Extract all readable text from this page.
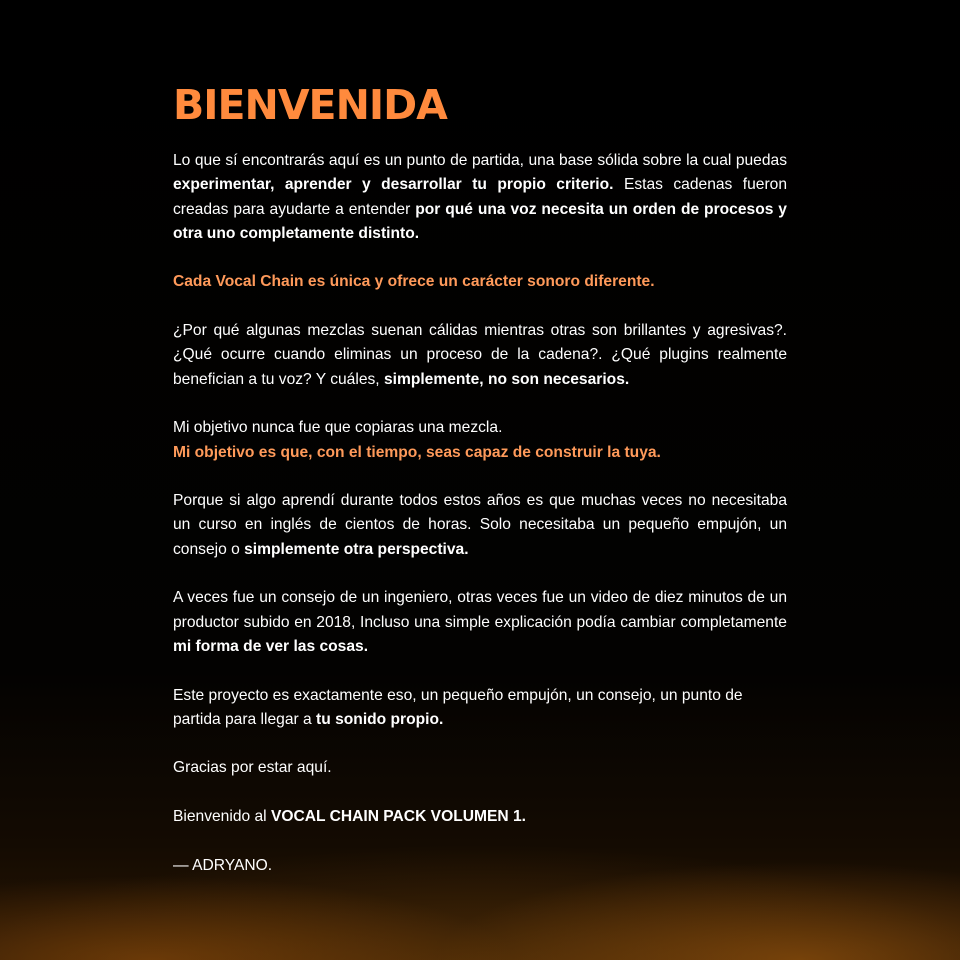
BIENVENIDA

Lo que sí encontrarás aquí es un punto de partida, una base sólida sobre la cual puedas experimentar, aprender y desarrollar tu propio criterio. Estas cadenas fueron creadas para ayudarte a entender por qué una voz necesita un orden de procesos y otra uno completamente distinto.

Cada Vocal Chain es única y ofrece un carácter sonoro diferente.

¿Por qué algunas mezclas suenan cálidas mientras otras son brillantes y agresivas?. ¿Qué ocurre cuando eliminas un proceso de la cadena?. ¿Qué plugins realmente benefician a tu voz? Y cuáles, simplemente, no son necesarios.

Mi objetivo nunca fue que copiaras una mezcla.
Mi objetivo es que, con el tiempo, seas capaz de construir la tuya.

Porque si algo aprendí durante todos estos años es que muchas veces no necesitaba un curso en inglés de cientos de horas. Solo necesitaba un pequeño empujón, un consejo o simplemente otra perspectiva.

A veces fue un consejo de un ingeniero, otras veces fue un video de diez minutos de un productor subido en 2018, Incluso una simple explicación podía cambiar completamente mi forma de ver las cosas.

Este proyecto es exactamente eso, un pequeño empujón, un consejo, un punto de partida para llegar a tu sonido propio.

Gracias por estar aquí.

Bienvenido al VOCAL CHAIN PACK VOLUMEN 1.

— ADRYANO.
